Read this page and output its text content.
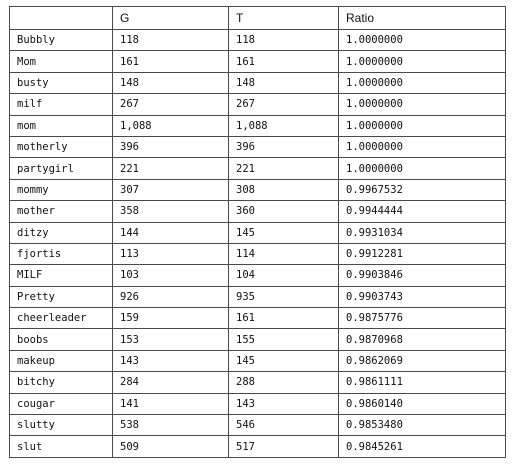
	G	T	Ratio
Bubbly	118	118	1.0000000
Mom	161	161	1.0000000
busty	148	148	1.0000000
milf	267	267	1.0000000
mom	1,088	1,088	1.0000000
motherly	396	396	1.0000000
partygirl	221	221	1.0000000
mommy	307	308	0.9967532
mother	358	360	0.9944444
ditzy	144	145	0.9931034
fjortis	113	114	0.9912281
MILF	103	104	0.9903846
Pretty	926	935	0.9903743
cheerleader	159	161	0.9875776
boobs	153	155	0.9870968
makeup	143	145	0.9862069
bitchy	284	288	0.9861111
cougar	141	143	0.9860140
slutty	538	546	0.9853480
slut	509	517	0.9845261
